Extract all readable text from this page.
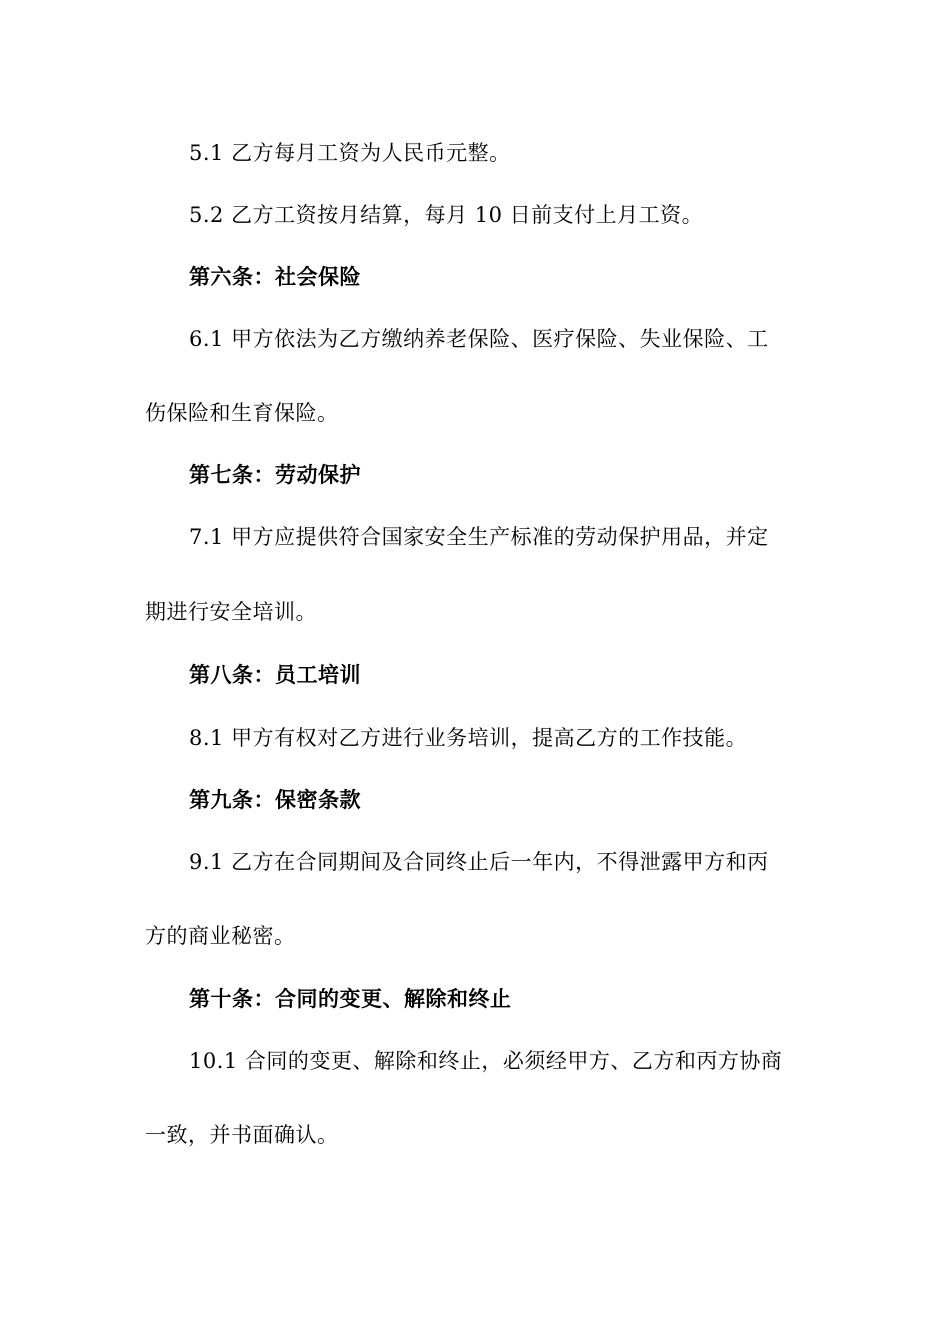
5.1 乙方每月工资为人民币元整。
5.2 乙方工资按月结算，每月 10 日前支付上月工资。
第六条：社会保险
6.1 甲方依法为乙方缴纳养老保险、医疗保险、失业保险、工
伤保险和生育保险。
第七条：劳动保护
7.1 甲方应提供符合国家安全生产标准的劳动保护用品，并定
期进行安全培训。
第八条：员工培训
8.1 甲方有权对乙方进行业务培训，提高乙方的工作技能。
第九条：保密条款
9.1 乙方在合同期间及合同终止后一年内，不得泄露甲方和丙
方的商业秘密。
第十条：合同的变更、解除和终止
10.1 合同的变更、解除和终止，必须经甲方、乙方和丙方协商
一致，并书面确认。
